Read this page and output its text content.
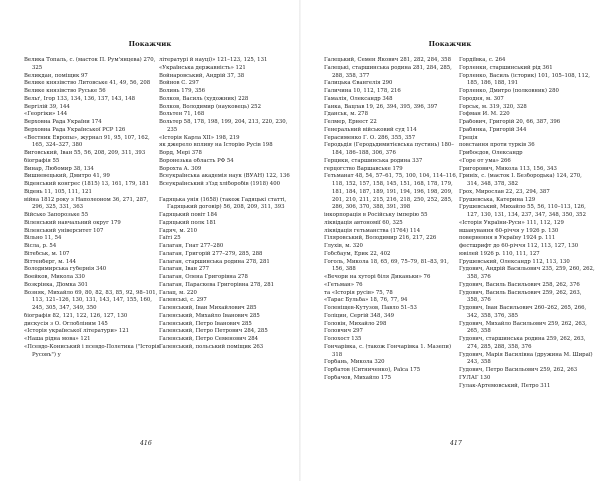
Покажчик
Велика Топаль, с. (масток П. Рум'янцева) 270, 325
Великдан, поміщик 97
Велике князівство Литовське 41, 49, 56, 208
Велике князівство Руське 56
Вельґ, Ігор 133, 134, 136, 137, 143, 148
Вергілій 39, 144
«Георгіки» 144
Верховна Рада України 174
Верховна Рада Української РСР 126
«Вестник Европы», журнал 91, 95, 107, 162, 165, 324–327, 380
Виговський, Іван 55, 56, 208, 209, 311, 393
біографія 55
Винар, Любомир 38, 134
Вишневецький, Дмитро 41, 99
Віденський конгрес (1815) 13, 161, 179, 181
Відень 11, 105, 111, 121
війна 1812 року з Наполеоном 36, 271, 287, 296, 325, 331, 363
Військо Запорозьке 55
Віленський навчальний округ 179
Віленський університет 107
Вільно 11, 54
Вісла, р. 54
Вітебськ, м. 107
Віттенберг, м. 144
Володимирська губернія 340
Воейков, Микола 330
Возкрінка, Дїомка 301
Возняк, Михайло 69, 80, 82, 83, 85, 92, 98–101, 113, 121–126, 130, 131, 143, 147, 155, 160, 245, 305, 347, 349, 350
біографія 82, 121, 122, 126, 127, 130
дискусія з О. Оглобліним 145
«Історія української літератури» 121
«Наша рідна мова» 121
«Псевдо-Кониський і псевдо-Полетика ("Історія Русовъ") у
літературі й науці)» 121–123, 125, 131
«Українська державність» 121
Войнаровський, Андрій 37, 38
Войнов С. 297
Волинь 179, 356
Волков, Василь (художник) 228
Волков, Володимир (науковець) 252
Вольтен 71, 168
Вольтер 58, 178, 198, 199, 204, 213, 220, 230, 235
«Історія Карла XII» 198, 219
як джерело впливу на Історію Русів 198
Ворд, Мері 378
Воронезька область РФ 54
Ворохта А. 309
Всеукраїнська академія наук (ВУАН) 122, 136
Всеукраїнський з'їзд хліборобів (1918) 400
Гадяцька унія (1658) (також Гадяцькі статті, Гадяцький договір) 56, 208, 209, 311, 393
Гадяцький повіт 184
Гадяцький полк 181
Гадяч, м. 210
Гаїті 25
Галаган, Гнат 277–280
Галаган, Григорій 277–279, 285, 288
Галаган, старшинська родина 278, 281
Галаган, Іван 277
Галаган, Олена Григорівна 278
Галаган, Параскева Григорівна 278, 281
Галац, м. 220
Галенські, с. 297
Галенський, Іван Михайлович 285
Галенський, Михайло Іванович 285
Галенський, Петро Іванович 285
Галенський, Петро Петрович 284, 285
Галенський, Петро Семенович 284
Галенський, польський поміщик 263
416
Покажчик
Галецький, Семен Якович 281, 282, 284, 358
Галецькі, старшинська родина 281, 284, 285, 288, 358, 377
Галицька Євангелія 290
Галичина 10, 112, 178, 216
Гамалія, Олександр 348
Ганка, Вацлав 19, 26, 394, 395, 396, 397
Гданськ, м. 278
Гелмер, Ернест 22
Генеральний військовий суд 114
Герасименко Г. О. 286, 355, 357
Геродьдія (Геродьдимитієвська пустинь) 180–184, 186–188, 306, 376
Герцики, старшинська родина 337
герцогство Варшавське 179
Гетьманат 48, 54, 57–61, 75, 100, 104, 114–116, 118, 152, 157, 158, 145, 151, 168, 178, 179, 181, 184, 187, 189, 191, 194, 196, 198, 209, 201, 210, 211, 215, 216, 218, 250, 252, 285, 286, 306, 370, 388, 391, 398
інкорпорація в Російську імперію 55
ліквідація автономії 60, 325
ліквідація гетьманства (1764) 114
Гіляровський, Володимир 216, 217, 226
Глухів, м. 320
Гобсбаум, Ерик 22, 402
Гоголь, Микола 18, 65, 69, 75–79, 81–83, 91, 156, 388
«Вечори на хуторі біля Диканьки» 76
«Гетьман» 76
та «Історія русів» 75, 78
«Тарас Бульба» 18, 76, 77, 94
Голеніщев-Кутузов, Павло 51–53
Голіцин, Сергій 348, 349
Головін, Михайло 298
Головчич 297
Голохост 135
Гончарівка, с. (також Гончарівка 1. Мазепи) 318
Горбань, Микола 320
Горбатов (Ситниченко), Раїса 175
Горбачов, Михайло 175
Гордіївка, с. 264
Горленки, старшинський рід 361
Горленко, Василь (історик) 101, 105–108, 112, 185, 186, 188, 191
Горленко, Дмитро (полковник) 280
Городня, м. 307
Горськ, м. 319, 320, 328
Гофман И. М. 220
Грабович, Григорій 20, 66, 387, 396
Грабянка, Григорій 344
Греція
повстання проти турків 36
Грибоєдов, Олександр
«Горе от ума» 266
Григорович, Микола 113, 156, 343
Гриніх, с. (маєток І. Безбородька) 124, 270, 314, 348, 378, 382
Грох, Мирослав 22, 23, 294, 387
Грушевська, Катерина 129
Грушевський, Михайло 55, 56, 110–113, 126, 127, 130, 131, 134, 237, 347, 348, 350, 352
«Історія України-Руси» 111, 112, 129
вшанування 60-річчя у 1926 р. 130
повернення в Україну 1924 р. 111
фестшрифт до 60-річчя 112, 113, 127, 130
ювілей 1926 р. 110, 111, 127
Грушевський, Олександр 112, 113, 130
Гудович, Андрій Васильович 235, 259, 260, 262, 358, 376
Гудович, Василь Васильович 258, 262, 376
Гудович, Василь Васильович 259, 262, 263, 358, 376
Гудович, Іван Васильович 260–262, 265, 266, 342, 358, 376, 385
Гудович, Михайло Васильович 259, 262, 263, 265, 358
Гудович, старшинська родина 259, 262, 263, 274, 285, 288, 358, 376
Гудович, Марія Василівна (дружина М. Шираї) 243, 358
Гудович, Петро Васильович 259, 262, 263
ГУЛАГ 130
Гулак-Артемовський, Петро 311
417
